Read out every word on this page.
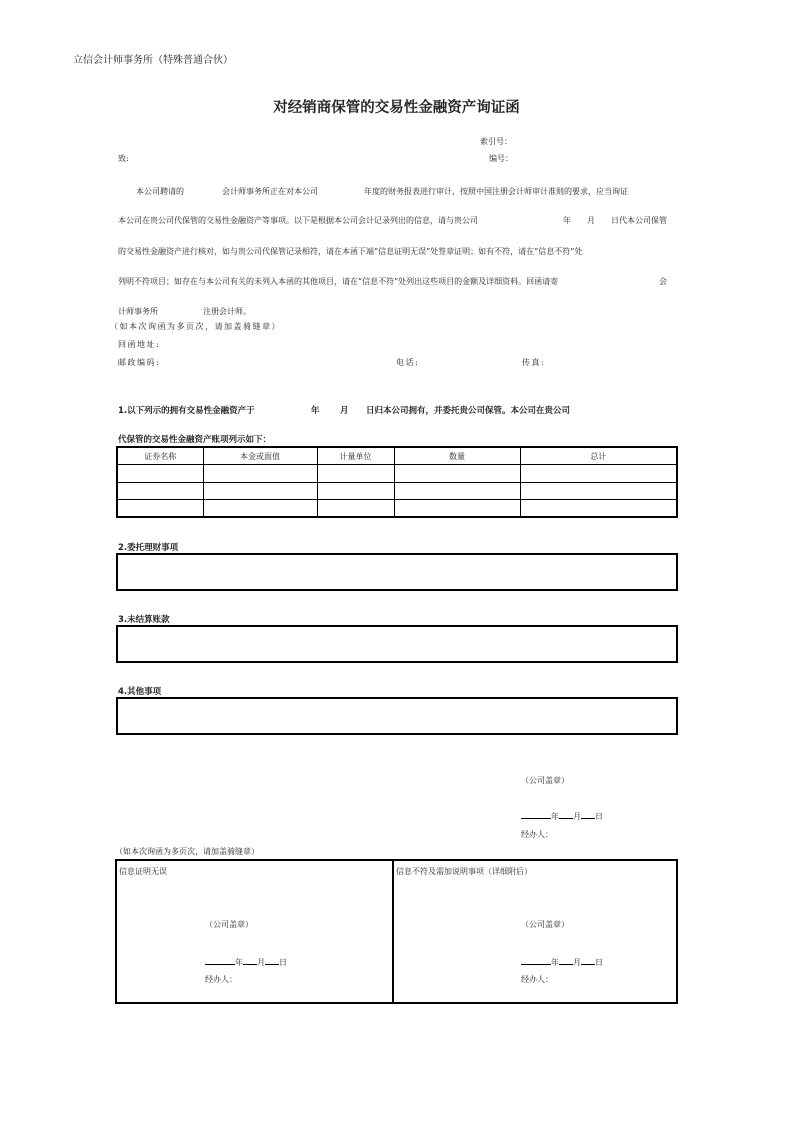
立信会计师事务所（特殊普通合伙）
对经销商保管的交易性金融资产询证函
索引号：
致:	编号：
本公司聘请的	会计师事务所正在对本公司	年度的财务报表进行审计，按照中国注册会计师审计准则的要求，应当询证
本公司在贵公司代保管的交易性金融资产等事项。以下是根据本公司会计记录列出的信息，请与贵公司	年 月 日代本公司保管
的交易性金融资产进行核对，如与贵公司代保管记录相符，请在本函下端“信息证明无误”处签章证明；如有不符，请在“信息不符”处
列明不符项目；如存在与本公司有关的未列入本函的其他项目，请在“信息不符”处列出这些项目的金额及详细资料。回函请寄	会
计师事务所	注册会计师。
（如本次询函为多页次，请加盖骑缝章）
回函地址:
邮政编码:	电话:	传真:
1.以下列示的拥有交易性金融资产于	年 月 日归本公司拥有，并委托贵公司保管。本公司在贵公司
代保管的交易性金融资产账项列示如下：
证券名称	本金或面值	计量单位	数量	总计

2.委托理财事项
3.未结算账款
4.其他事项
（公司盖章）
年 月 日
经办人：
（如本次询函为多页次，请加盖骑缝章）
信息证明无误
（公司盖章）
年 月 日
经办人：
信息不符及需加说明事项（详细附后）
（公司盖章）
年 月 日
经办人：
